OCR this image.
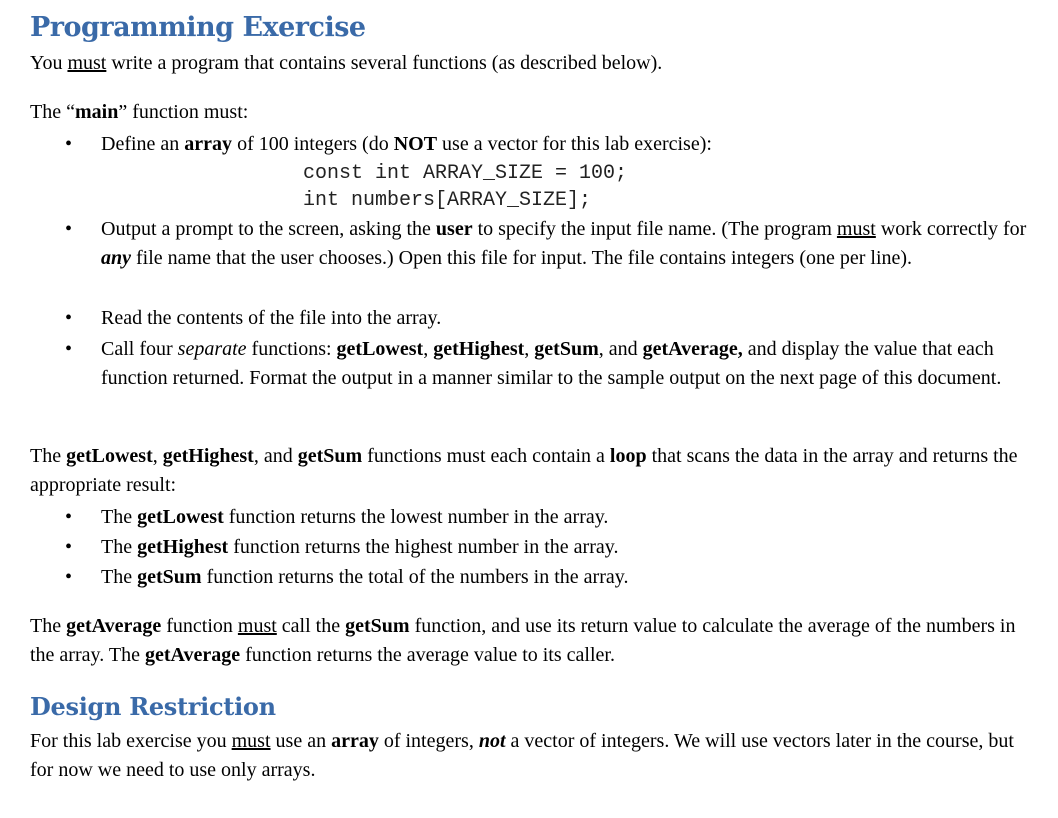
Programming Exercise

You must write a program that contains several functions (as described below).

The “main” function must:

• Define an array of 100 integers (do NOT use a vector for this lab exercise):
const int ARRAY_SIZE = 100;
int numbers[ARRAY_SIZE];
• Output a prompt to the screen, asking the user to specify the input file name. (The program must work correctly for any file name that the user chooses.) Open this file for input. The file contains integers (one per line).
• Read the contents of the file into the array.
• Call four separate functions: getLowest, getHighest, getSum, and getAverage, and display the value that each function returned. Format the output in a manner similar to the sample output on the next page of this document.

The getLowest, getHighest, and getSum functions must each contain a loop that scans the data in the array and returns the appropriate result:

• The getLowest function returns the lowest number in the array.
• The getHighest function returns the highest number in the array.
• The getSum function returns the total of the numbers in the array.

The getAverage function must call the getSum function, and use its return value to calculate the average of the numbers in the array. The getAverage function returns the average value to its caller.

Design Restriction

For this lab exercise you must use an array of integers, not a vector of integers. We will use vectors later in the course, but for now we need to use only arrays.
